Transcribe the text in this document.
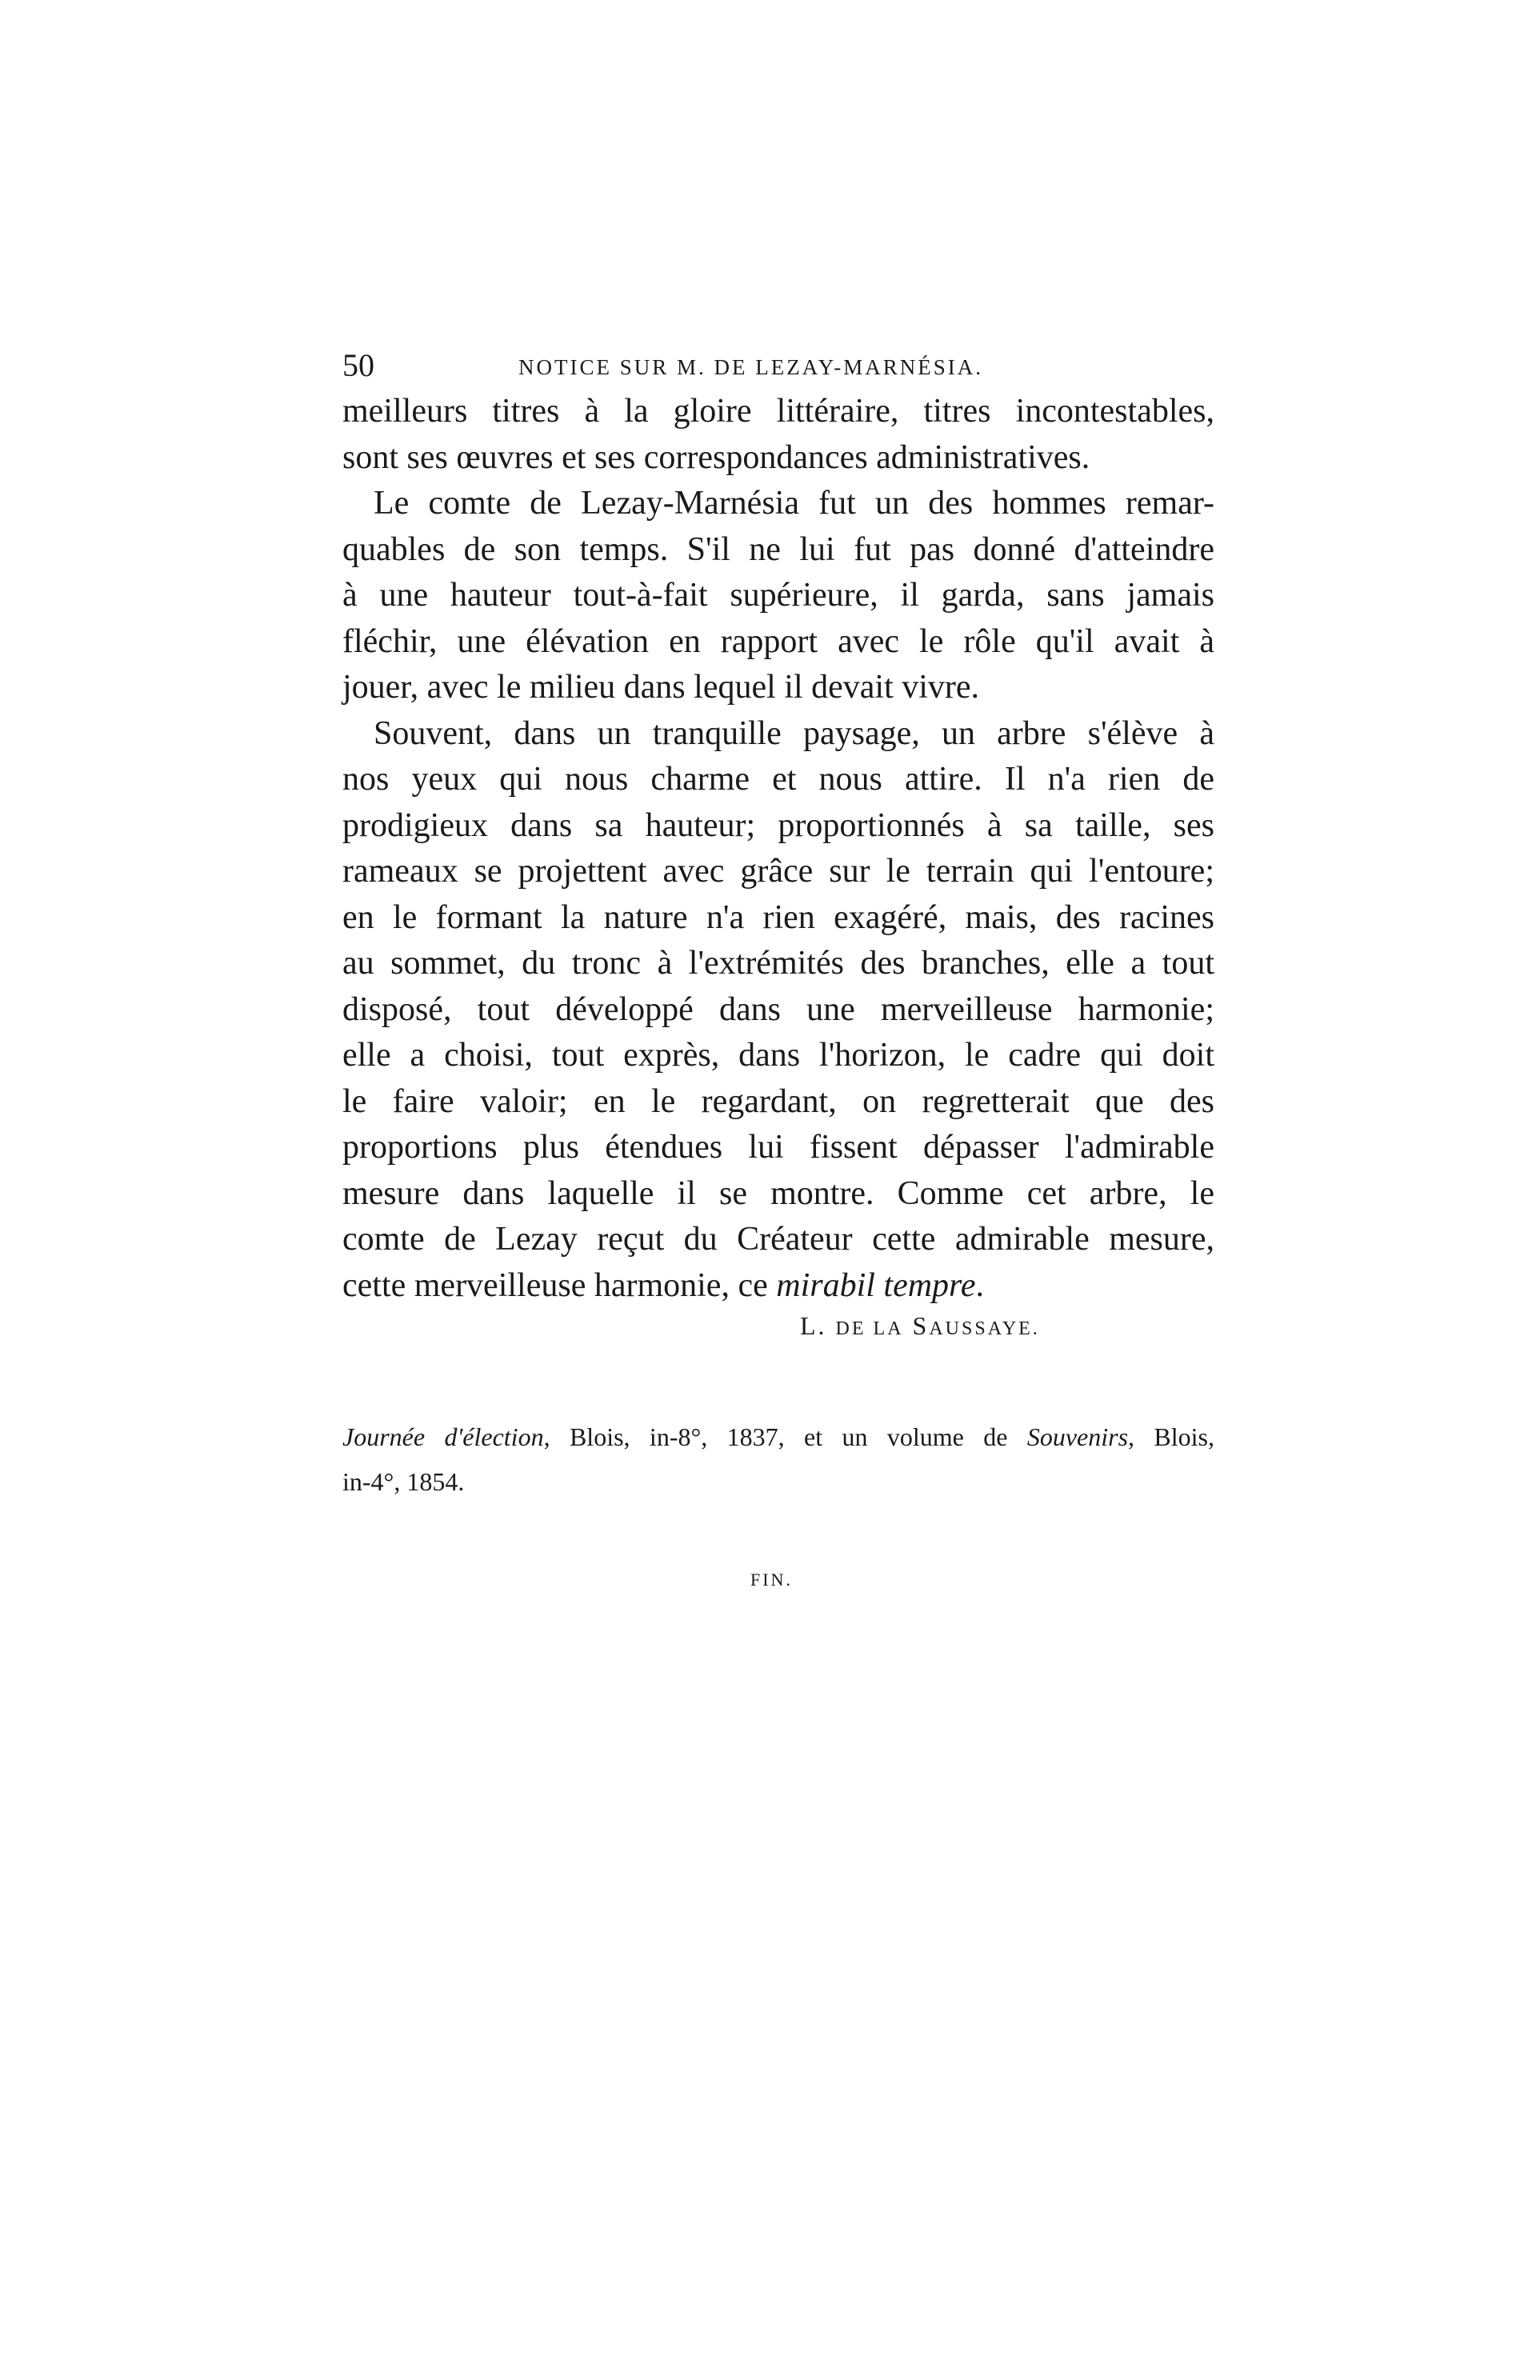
50	NOTICE SUR M. DE LEZAY-MARNÉSIA.
meilleurs titres à la gloire littéraire, titres incontestables,
sont ses œuvres et ses correspondances administratives.
Le comte de Lezay-Marnésia fut un des hommes remar-
quables de son temps. S'il ne lui fut pas donné d'atteindre
à une hauteur tout-à-fait supérieure, il garda, sans jamais
fléchir, une élévation en rapport avec le rôle qu'il avait à
jouer, avec le milieu dans lequel il devait vivre.
Souvent, dans un tranquille paysage, un arbre s'élève à
nos yeux qui nous charme et nous attire. Il n'a rien de
prodigieux dans sa hauteur; proportionnés à sa taille, ses
rameaux se projettent avec grâce sur le terrain qui l'entoure;
en le formant la nature n'a rien exagéré, mais, des racines
au sommet, du tronc à l'extrémités des branches, elle a tout
disposé, tout développé dans une merveilleuse harmonie;
elle a choisi, tout exprès, dans l'horizon, le cadre qui doit
le faire valoir; en le regardant, on regretterait que des
proportions plus étendues lui fissent dépasser l'admirable
mesure dans laquelle il se montre. Comme cet arbre, le
comte de Lezay reçut du Créateur cette admirable mesure,
cette merveilleuse harmonie, ce mirabil tempre.
L. DE LA SAUSSAYE.
Journée d'élection, Blois, in-8°, 1837, et un volume de Souvenirs, Blois,
in-4°, 1854.
FIN.
